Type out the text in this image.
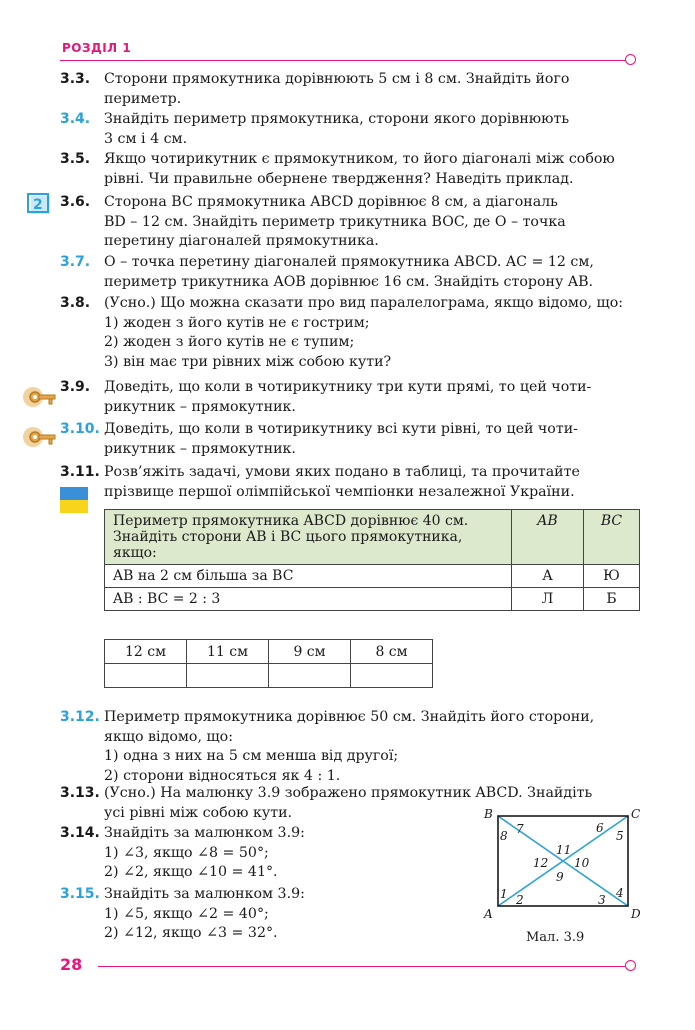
РОЗДІЛ 1
2
3.3. Сторони прямокутника дорівнюють 5 см і 8 см. Знайдіть його

периметр.

3.4. Знайдіть периметр прямокутника, сторони якого дорівнюють

3 см і 4 см.

3.5. Якщо чотирикутник є прямокутником, то його діагоналі між собою

рівні. Чи правильне обернене твердження? Наведіть приклад.

3.6. Сторона BC прямокутника ABCD дорівнює 8 см, а діагональ

BD – 12 см. Знайдіть периметр трикутника BOC, де O – точка

перетину діагоналей прямокутника.

3.7. O – точка перетину діагоналей прямокутника ABCD. AC = 12 см,

периметр трикутника AOB дорівнює 16 см. Знайдіть сторону AB.

3.8. (Усно.) Що можна сказати про вид паралелограма, якщо відомо, що:

1) жоден з його кутів не є гострим;

2) жоден з його кутів не є тупим;

3) він має три рівних між собою кути?

3.9. Доведіть, що коли в чотирикутнику три кути прямі, то цей чоти-

рикутник – прямокутник.

3.10. Доведіть, що коли в чотирикутнику всі кути рівні, то цей чоти-

рикутник – прямокутник.

3.11. Розв’яжіть задачі, умови яких подано в таблиці, та прочитайте

прізвище першої олімпійської чемпіонки незалежної України.

Периметр прямокутника ABCD дорівнює 40 см. Знайдіть сторони AB і BC цього прямокутника, якщо:	AB	BC
AB на 2 см більша за BC	А	Ю
AB : BC = 2 : 3	Л	Б
12 см	11 см	9 см	8 см

3.12. Периметр прямокутника дорівнює 50 см. Знайдіть його сторони,

якщо відомо, що:

1) одна з них на 5 см менша від другої;

2) сторони відносяться як 4 : 1.

3.13. (Усно.) На малюнку 3.9 зображено прямокутник ABCD. Знайдіть

усі рівні між собою кути.

3.14. Знайдіть за малюнком 3.9:

1) ∠3, якщо ∠8 = 50°;

2) ∠2, якщо ∠10 = 41°.

3.15. Знайдіть за малюнком 3.9:

1) ∠5, якщо ∠2 = 40°;

2) ∠12, якщо ∠3 = 32°.

B	C
A	D
1 2	3 4
5
6
7
8
9
10
11
12
Мал. 3.9
28
